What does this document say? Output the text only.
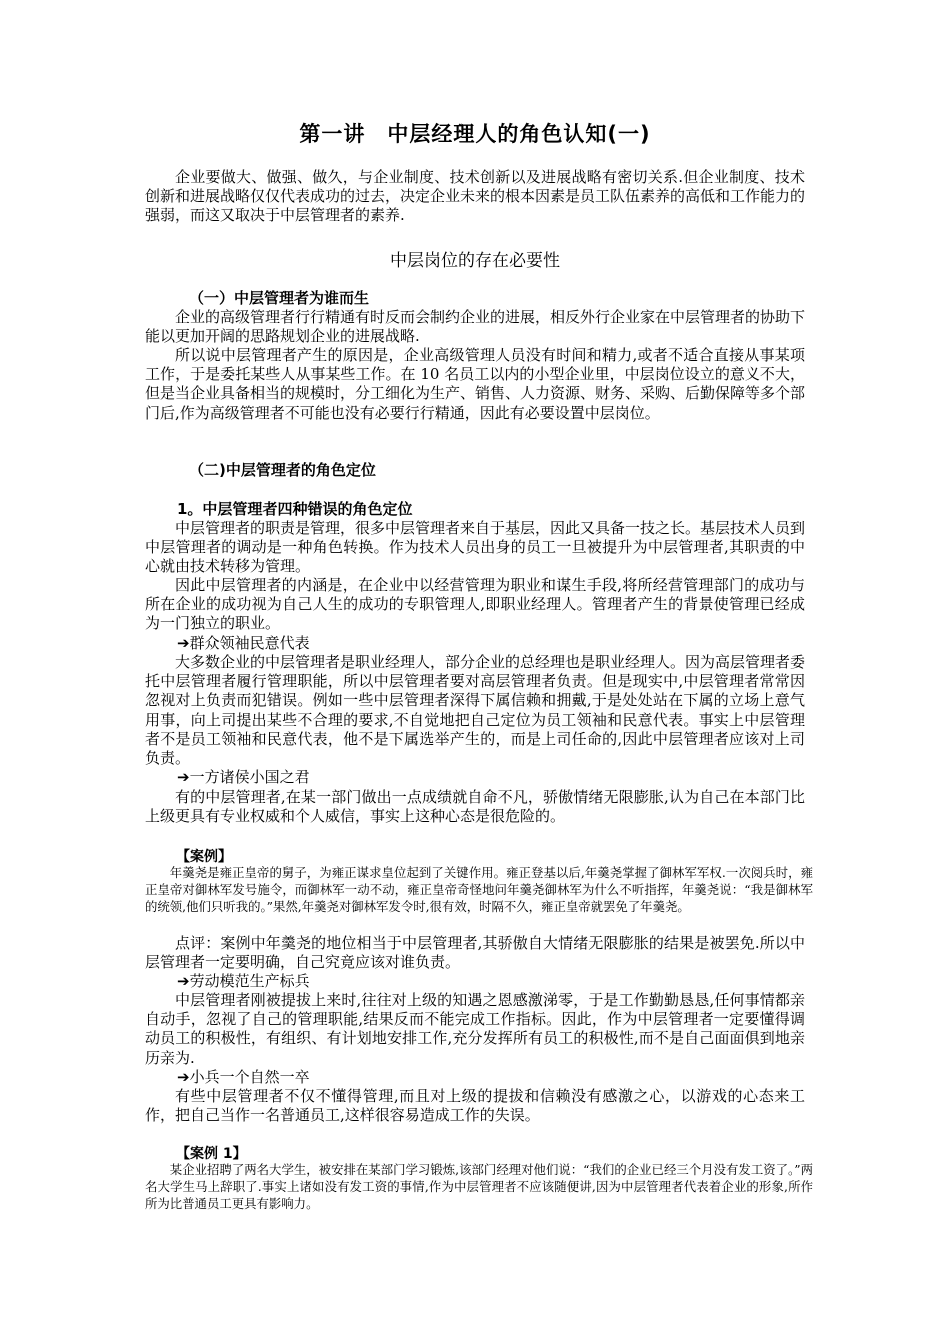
第一讲　中层经理人的角色认知(一)

企业要做大、做强、做久，与企业制度、技术创新以及进展战略有密切关系.但企业制度、技术创新和进展战略仅仅代表成功的过去，决定企业未来的根本因素是员工队伍素养的高低和工作能力的强弱，而这又取决于中层管理者的素养.

中层岗位的存在必要性
（一）中层管理者为谁而生

企业的高级管理者行行精通有时反而会制约企业的进展，相反外行企业家在中层管理者的协助下能以更加开阔的思路规划企业的进展战略.

所以说中层管理者产生的原因是，企业高级管理人员没有时间和精力,或者不适合直接从事某项工作，于是委托某些人从事某些工作。在 10 名员工以内的小型企业里，中层岗位设立的意义不大，但是当企业具备相当的规模时，分工细化为生产、销售、人力资源、财务、采购、后勤保障等多个部门后,作为高级管理者不可能也没有必要行行精通，因此有必要设置中层岗位。

（二)中层管理者的角色定位
1。中层管理者四种错误的角色定位

中层管理者的职责是管理，很多中层管理者来自于基层，因此又具备一技之长。基层技术人员到中层管理者的调动是一种角色转换。作为技术人员出身的员工一旦被提升为中层管理者,其职责的中心就由技术转移为管理。

因此中层管理者的内涵是，在企业中以经营管理为职业和谋生手段,将所经营管理部门的成功与所在企业的成功视为自己人生的成功的专职管理人,即职业经理人。管理者产生的背景使管理已经成为一门独立的职业。

➔群众领袖民意代表

大多数企业的中层管理者是职业经理人，部分企业的总经理也是职业经理人。因为高层管理者委托中层管理者履行管理职能，所以中层管理者要对高层管理者负责。但是现实中,中层管理者常常因忽视对上负责而犯错误。例如一些中层管理者深得下属信赖和拥戴,于是处处站在下属的立场上意气用事，向上司提出某些不合理的要求,不自觉地把自己定位为员工领袖和民意代表。事实上中层管理者不是员工领袖和民意代表，他不是下属选举产生的，而是上司任命的,因此中层管理者应该对上司负责。

➔一方诸侯小国之君

有的中层管理者,在某一部门做出一点成绩就自命不凡，骄傲情绪无限膨胀,认为自己在本部门比上级更具有专业权威和个人威信，事实上这种心态是很危险的。

【案例】

年羹尧是雍正皇帝的舅子，为雍正谋求皇位起到了关键作用。雍正登基以后,年羹尧掌握了御林军军权.一次阅兵时，雍正皇帝对御林军发号施令，而御林军一动不动，雍正皇帝奇怪地问年羹尧御林军为什么不听指挥，年羹尧说：“我是御林军的统领,他们只听我的。”果然,年羹尧对御林军发令时,很有效，时隔不久，雍正皇帝就罢免了年羹尧。

点评：案例中年羹尧的地位相当于中层管理者,其骄傲自大情绪无限膨胀的结果是被罢免.所以中层管理者一定要明确，自己究竟应该对谁负责。

➔劳动模范生产标兵

中层管理者刚被提拔上来时,往往对上级的知遇之恩感激涕零，于是工作勤勤恳恳,任何事情都亲自动手，忽视了自己的管理职能,结果反而不能完成工作指标。因此，作为中层管理者一定要懂得调动员工的积极性，有组织、有计划地安排工作,充分发挥所有员工的积极性,而不是自己面面俱到地亲历亲为.

➔小兵一个自然一卒

有些中层管理者不仅不懂得管理,而且对上级的提拔和信赖没有感激之心，以游戏的心态来工作，把自己当作一名普通员工,这样很容易造成工作的失误。

【案例 1】

某企业招聘了两名大学生，被安排在某部门学习锻炼,该部门经理对他们说：“我们的企业已经三个月没有发工资了。”两名大学生马上辞职了.事实上诸如没有发工资的事情,作为中层管理者不应该随便讲,因为中层管理者代表着企业的形象,所作所为比普通员工更具有影响力。
